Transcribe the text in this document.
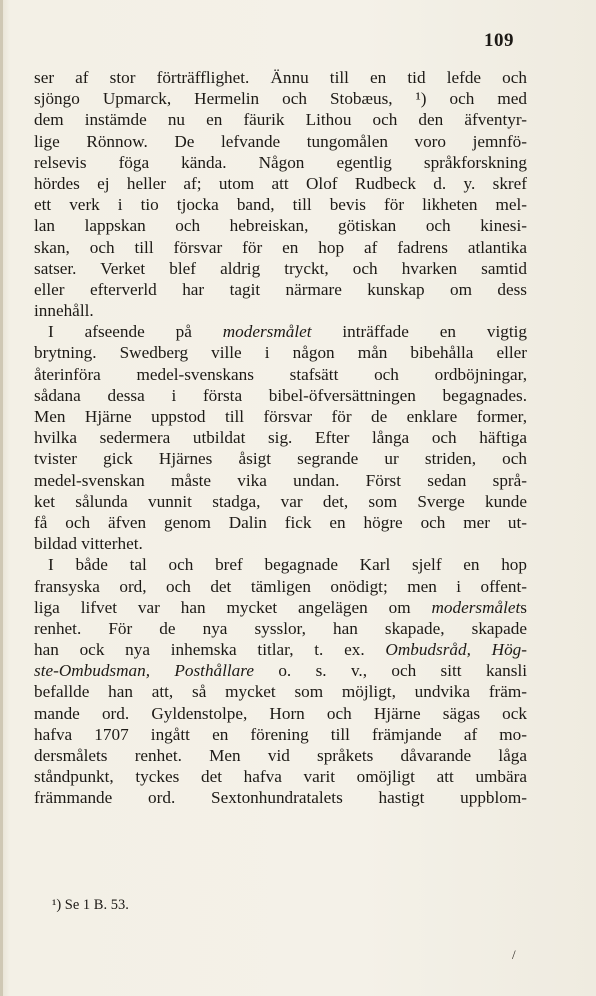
109
ser af stor förträfflighet. Ännu till en tid lefde och
sjöngo Upmarck, Hermelin och Stobæus, ¹) och med
dem instämde nu en fäurik Lithou och den äfventyr-
lige Rönnow. De lefvande tungomålen voro jemnfö-
relsevis föga kända. Någon egentlig språkforskning
hördes ej heller af; utom att Olof Rudbeck d. y. skref
ett verk i tio tjocka band, till bevis för likheten mel-
lan lappskan och hebreiskan, götiskan och kinesi-
skan, och till försvar för en hop af fadrens atlantika
satser. Verket blef aldrig tryckt, och hvarken samtid
eller efterverld har tagit närmare kunskap om dess
innehåll.
I afseende på modersmålet inträffade en vigtig
brytning. Swedberg ville i någon mån bibehålla eller
återinföra medel-svenskans stafsätt och ordböjningar,
sådana dessa i första bibel-öfversättningen begagnades.
Men Hjärne uppstod till försvar för de enklare former,
hvilka sedermera utbildat sig. Efter långa och häftiga
tvister gick Hjärnes åsigt segrande ur striden, och
medel-svenskan måste vika undan. Först sedan språ-
ket sålunda vunnit stadga, var det, som Sverge kunde
få och äfven genom Dalin fick en högre och mer ut-
bildad vitterhet.
I både tal och bref begagnade Karl sjelf en hop
fransyska ord, och det tämligen onödigt; men i offent-
liga lifvet var han mycket angelägen om modersmålets
renhet. För de nya sysslor, han skapade, skapade
han ock nya inhemska titlar, t. ex. Ombudsråd, Hög-
ste-Ombudsman, Posthållare o. s. v., och sitt kansli
befallde han att, så mycket som möjligt, undvika främ-
mande ord. Gyldenstolpe, Horn och Hjärne sägas ock
hafva 1707 ingått en förening till främjande af mo-
dersmålets renhet. Men vid språkets dåvarande låga
ståndpunkt, tyckes det hafva varit omöjligt att umbära
främmande ord. Sextonhundratalets hastigt uppblom-
¹) Se 1 B. 53.
/
